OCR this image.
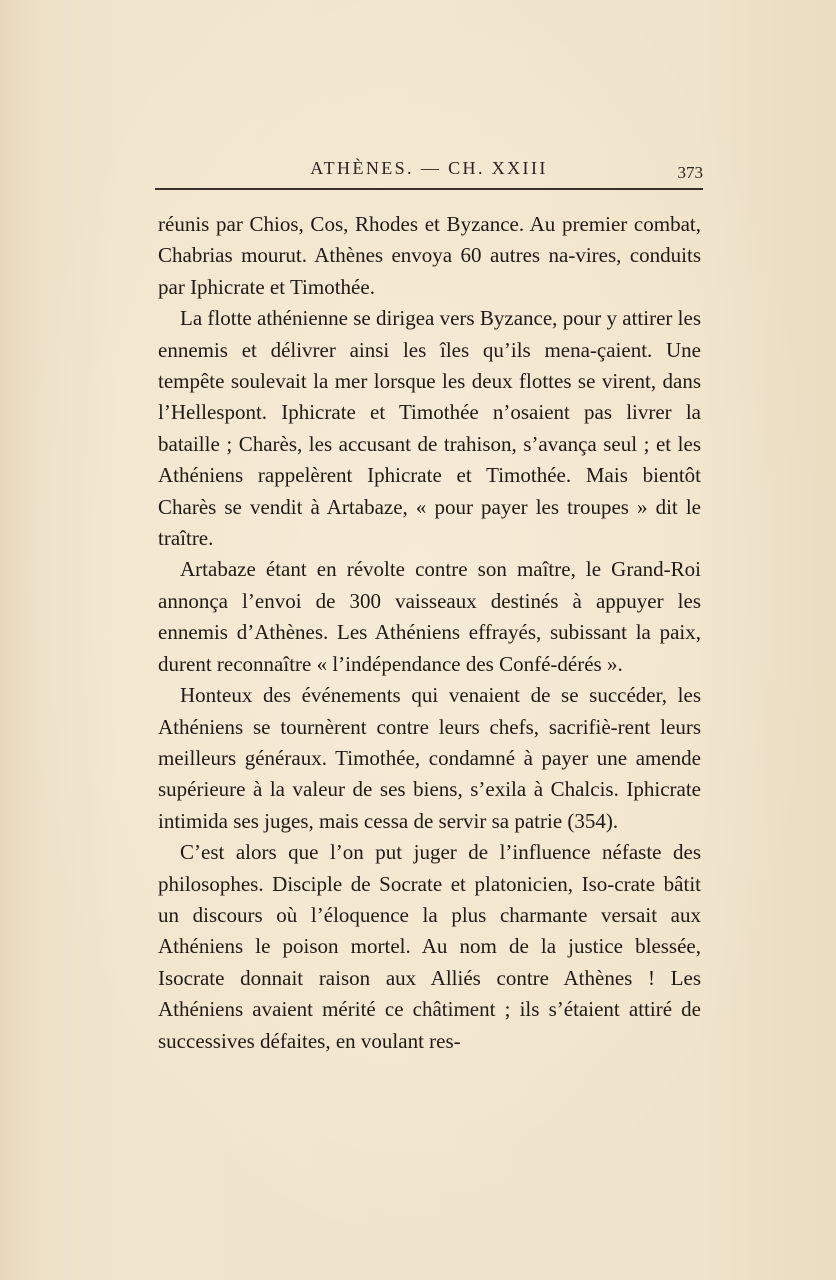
ATHÈNES. — CH. XXIII	373

réunis par Chios, Cos, Rhodes et Byzance. Au premier combat, Chabrias mourut. Athènes envoya 60 autres na-vires, conduits par Iphicrate et Timothée.

La flotte athénienne se dirigea vers Byzance, pour y attirer les ennemis et délivrer ainsi les îles qu’ils mena-çaient. Une tempête soulevait la mer lorsque les deux flottes se virent, dans l’Hellespont. Iphicrate et Timothée n’osaient pas livrer la bataille ; Charès, les accusant de trahison, s’avança seul ; et les Athéniens rappelèrent Iphicrate et Timothée. Mais bientôt Charès se vendit à Artabaze, « pour payer les troupes » dit le traître.

Artabaze étant en révolte contre son maître, le Grand-Roi annonça l’envoi de 300 vaisseaux destinés à appuyer les ennemis d’Athènes. Les Athéniens effrayés, subissant la paix, durent reconnaître « l’indépendance des Confé-dérés ».

Honteux des événements qui venaient de se succéder, les Athéniens se tournèrent contre leurs chefs, sacrifiè-rent leurs meilleurs généraux. Timothée, condamné à payer une amende supérieure à la valeur de ses biens, s’exila à Chalcis. Iphicrate intimida ses juges, mais cessa de servir sa patrie (354).

C’est alors que l’on put juger de l’influence néfaste des philosophes. Disciple de Socrate et platonicien, Iso-crate bâtit un discours où l’éloquence la plus charmante versait aux Athéniens le poison mortel. Au nom de la justice blessée, Isocrate donnait raison aux Alliés contre Athènes ! Les Athéniens avaient mérité ce châtiment ; ils s’étaient attiré de successives défaites, en voulant res-
